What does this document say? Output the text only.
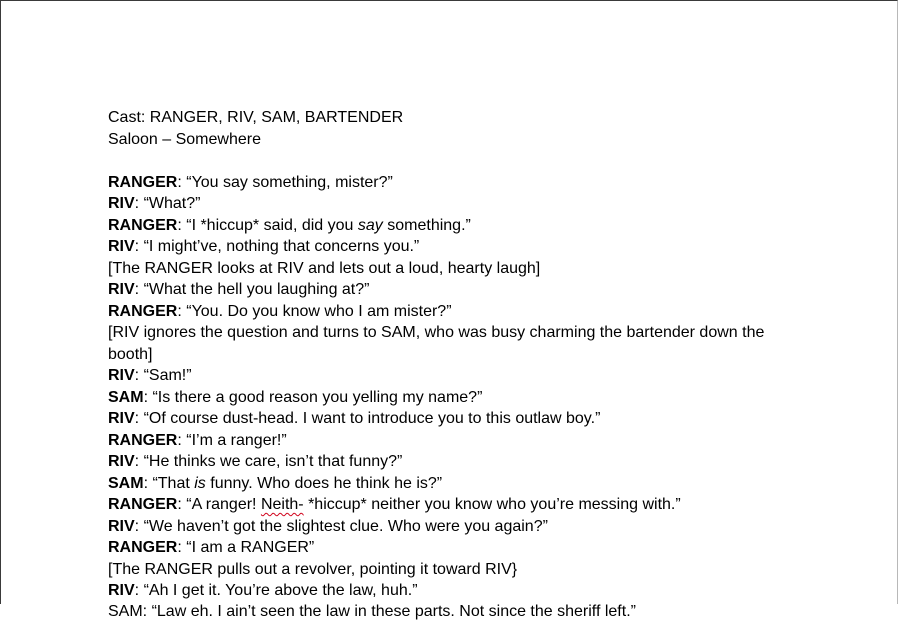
Cast: RANGER, RIV, SAM, BARTENDER
Saloon – Somewhere
RANGER: “You say something, mister?”
RIV: “What?”
RANGER: “I *hiccup* said, did you say something.”
RIV: “I might’ve, nothing that concerns you.”
[The RANGER looks at RIV and lets out a loud, hearty laugh]
RIV: “What the hell you laughing at?”
RANGER: “You. Do you know who I am mister?”
[RIV ignores the question and turns to SAM, who was busy charming the bartender down the booth]
RIV: “Sam!”
SAM: “Is there a good reason you yelling my name?”
RIV: “Of course dust-head. I want to introduce you to this outlaw boy.”
RANGER: “I’m a ranger!”
RIV: “He thinks we care, isn’t that funny?”
SAM: “That is funny. Who does he think he is?”
RANGER: “A ranger! Neith- *hiccup* neither you know who you’re messing with.”
RIV: “We haven’t got the slightest clue. Who were you again?”
RANGER: “I am a RANGER”
[The RANGER pulls out a revolver, pointing it toward RIV}
RIV: “Ah I get it. You’re above the law, huh.”
SAM: “Law eh. I ain’t seen the law in these parts. Not since the sheriff left.”
